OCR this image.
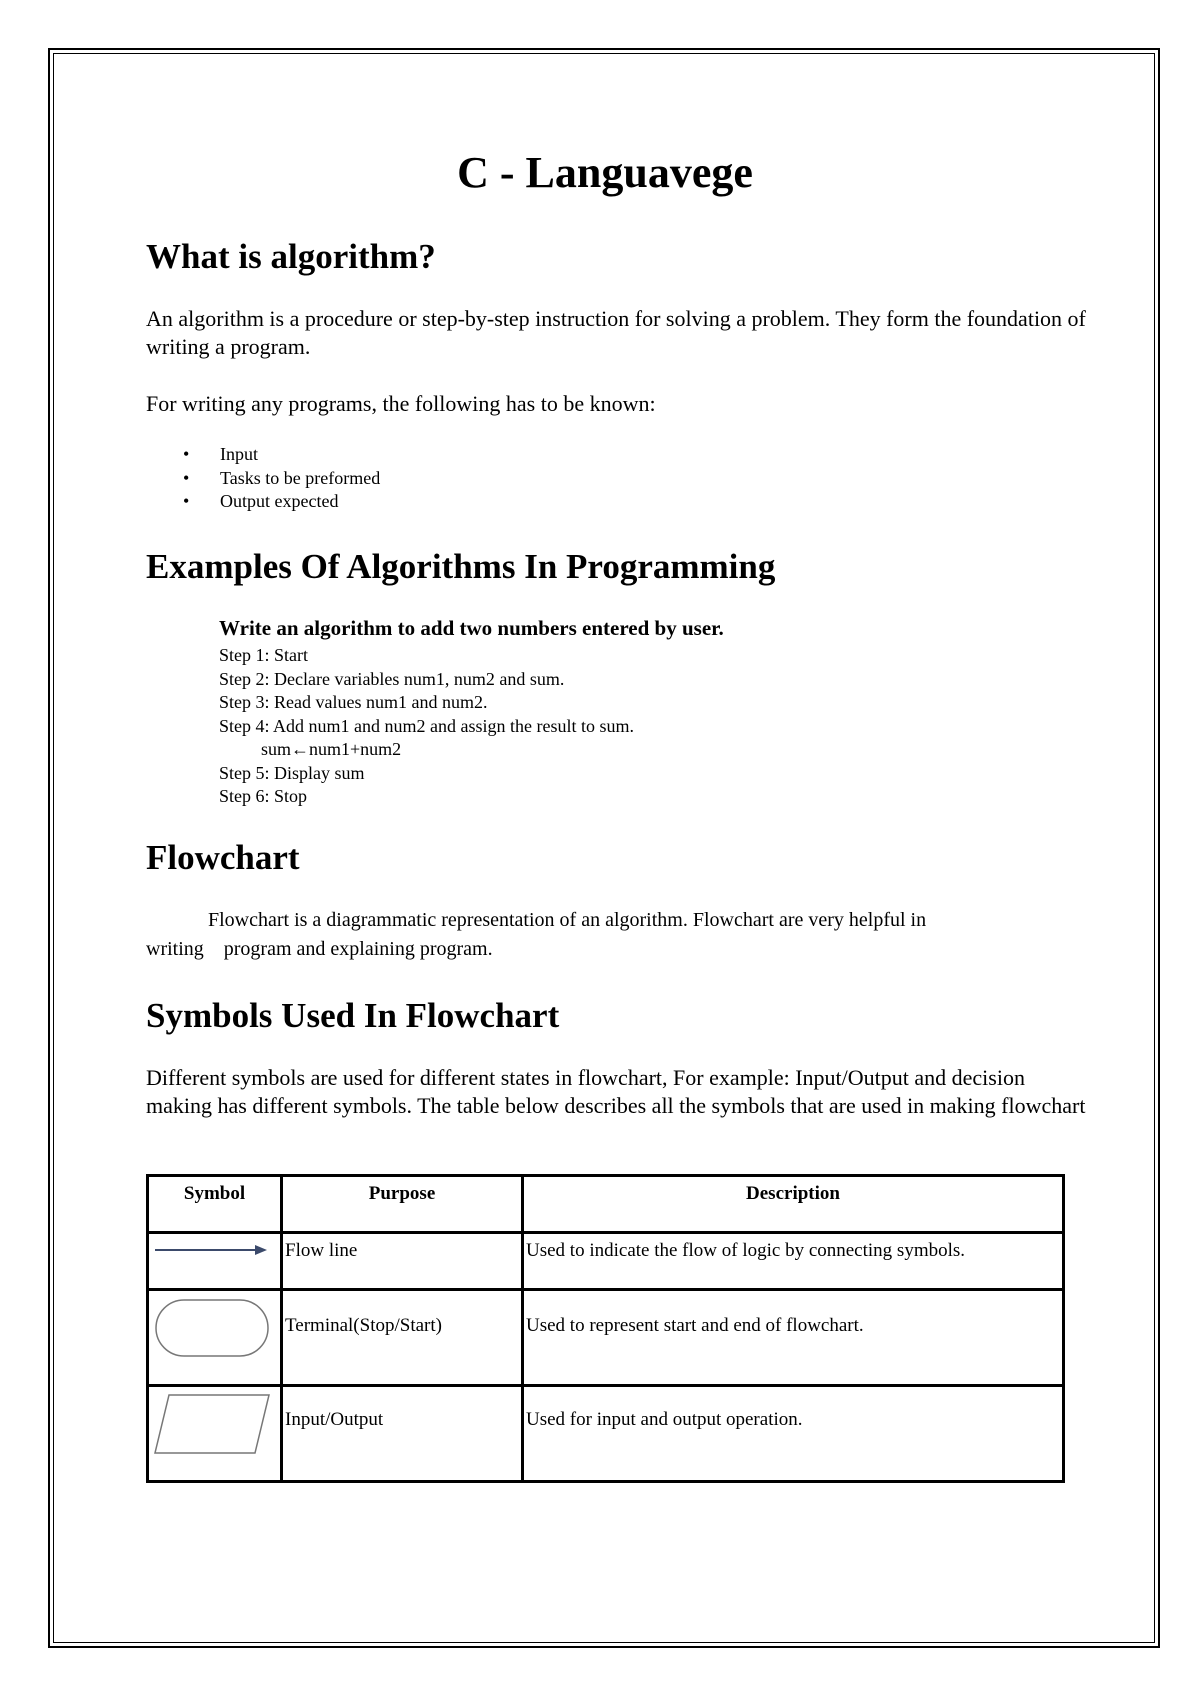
C - Languavege
What is algorithm?

An algorithm is a procedure or step-by-step instruction for solving a problem. They form the foundation of writing a program.

For writing any programs, the following has to be known:

• Input
• Tasks to be preformed
• Output expected
Examples Of Algorithms In Programming

Write an algorithm to add two numbers entered by user.

Step 1: Start
Step 2: Declare variables num1, num2 and sum.
Step 3: Read values num1 and num2.
Step 4: Add num1 and num2 and assign the result to sum.
sum←num1+num2
Step 5: Display sum
Step 6: Stop
Flowchart

Flowchart is a diagrammatic representation of an algorithm. Flowchart are very helpful in
writing    program and explaining program.

Symbols Used In Flowchart

Different symbols are used for different states in flowchart, For example: Input/Output and decision making has different symbols. The table below describes all the symbols that are used in making flowchart

Symbol	Purpose	Description

	Flow line	Used to indicate the flow of logic by connecting symbols.

	Terminal(Stop/Start)	Used to represent start and end of flowchart.

	Input/Output	Used for input and output operation.
